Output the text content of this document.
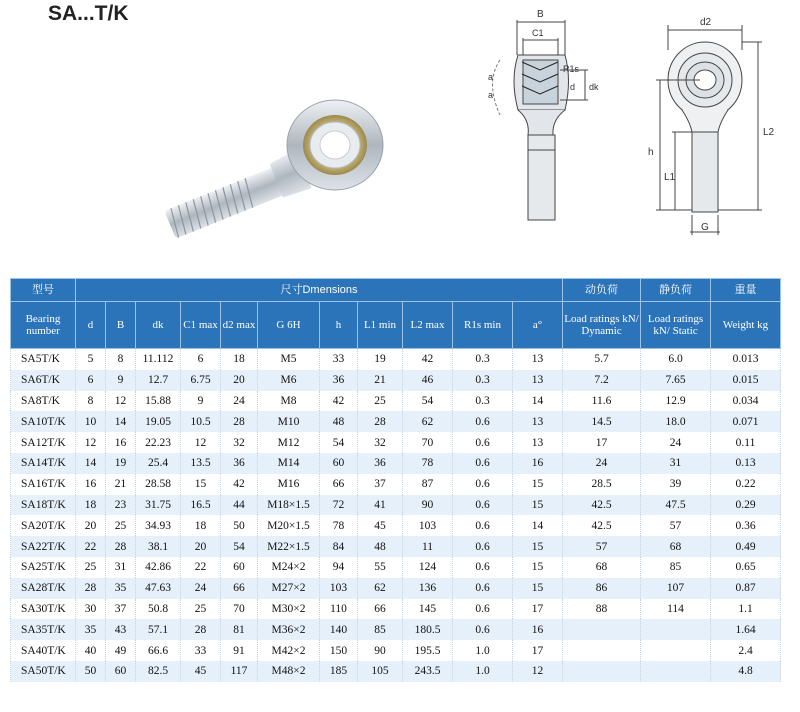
SA...T/K	B
C1
R1s
d dk
a
a
d2
h
L1
L2
G
型号	尺寸Dmensions											动负荷	静负荷	重量
Bearing number	d	B	dk	C1 max	d2 max	G 6H	h	L1 min	L2 max	R1s min	a°	Load ratings kN/ Dynamic	Load ratings kN/ Static	Weight kg
SA5T/K	5	8	11.112	6	18	M5	33	19	42	0.3	13	5.7	6.0	0.013
SA6T/K	6	9	12.7	6.75	20	M6	36	21	46	0.3	13	7.2	7.65	0.015
SA8T/K	8	12	15.88	9	24	M8	42	25	54	0.3	14	11.6	12.9	0.034
SA10T/K	10	14	19.05	10.5	28	M10	48	28	62	0.6	13	14.5	18.0	0.071
SA12T/K	12	16	22.23	12	32	M12	54	32	70	0.6	13	17	24	0.11
SA14T/K	14	19	25.4	13.5	36	M14	60	36	78	0.6	16	24	31	0.13
SA16T/K	16	21	28.58	15	42	M16	66	37	87	0.6	15	28.5	39	0.22
SA18T/K	18	23	31.75	16.5	44	M18×1.5	72	41	90	0.6	15	42.5	47.5	0.29
SA20T/K	20	25	34.93	18	50	M20×1.5	78	45	103	0.6	14	42.5	57	0.36
SA22T/K	22	28	38.1	20	54	M22×1.5	84	48	11	0.6	15	57	68	0.49
SA25T/K	25	31	42.86	22	60	M24×2	94	55	124	0.6	15	68	85	0.65
SA28T/K	28	35	47.63	24	66	M27×2	103	62	136	0.6	15	86	107	0.87
SA30T/K	30	37	50.8	25	70	M30×2	110	66	145	0.6	17	88	114	1.1
SA35T/K	35	43	57.1	28	81	M36×2	140	85	180.5	0.6	16			1.64
SA40T/K	40	49	66.6	33	91	M42×2	150	90	195.5	1.0	17			2.4
SA50T/K	50	60	82.5	45	117	M48×2	185	105	243.5	1.0	12			4.8
